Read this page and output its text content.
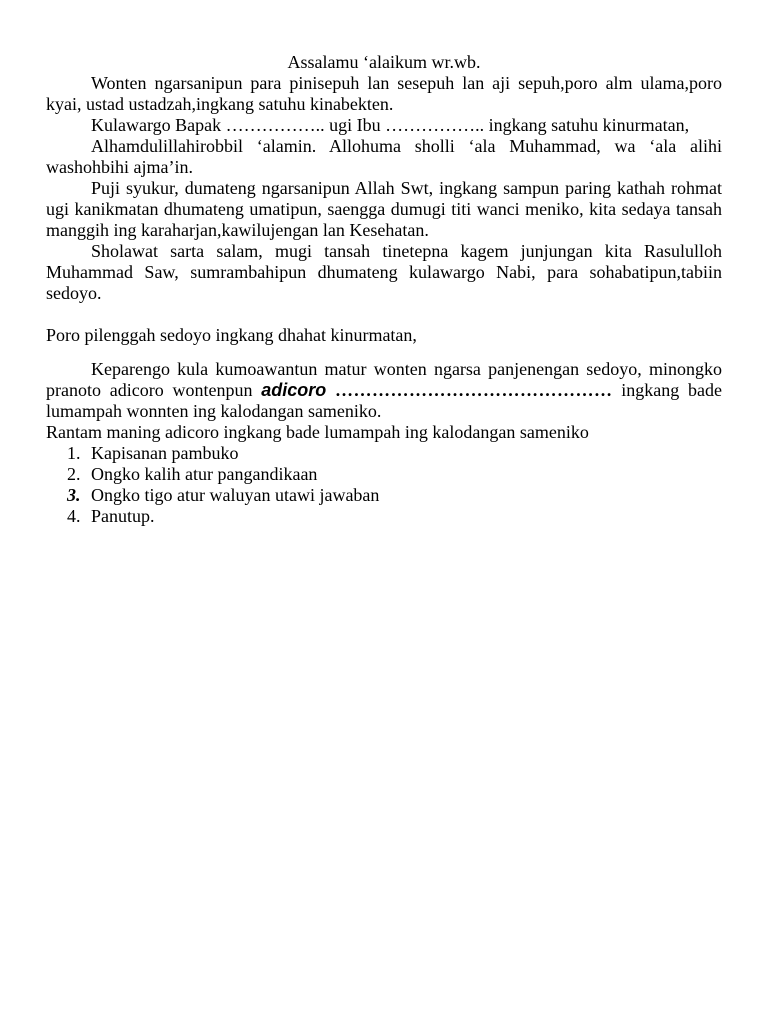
Assalamu ‘alaikum wr.wb.

Wonten ngarsanipun para pinisepuh lan sesepuh lan aji sepuh,poro alm ulama,poro kyai, ustad ustadzah,ingkang satuhu kinabekten.

Kulawargo Bapak …………….. ugi Ibu …………….. ingkang satuhu kinurmatan,

Alhamdulillahirobbil ‘alamin. Allohuma sholli ‘ala Muhammad, wa ‘ala alihi washohbihi ajma’in.

Puji syukur, dumateng ngarsanipun Allah Swt, ingkang sampun paring kathah rohmat ugi kanikmatan dhumateng umatipun, saengga dumugi titi wanci meniko, kita sedaya tansah manggih ing karaharjan,kawilujengan lan Kesehatan.

Sholawat sarta salam, mugi tansah tinetepna kagem junjungan kita Rasululloh Muhammad Saw, sumrambahipun dhumateng kulawargo Nabi, para sohabatipun,tabiin sedoyo.

Poro pilenggah sedoyo ingkang dhahat kinurmatan,

Keparengo kula kumoawantun matur wonten ngarsa panjenengan sedoyo, minongko pranoto adicoro wontenpun adicoro ……………………………………… ingkang bade lumampah wonnten ing kalodangan sameniko.

Rantam maning adicoro ingkang bade lumampah ing kalodangan sameniko

1. Kapisanan pambuko
2. Ongko kalih atur pangandikaan
3. Ongko tigo atur waluyan utawi jawaban
4. Panutup.
